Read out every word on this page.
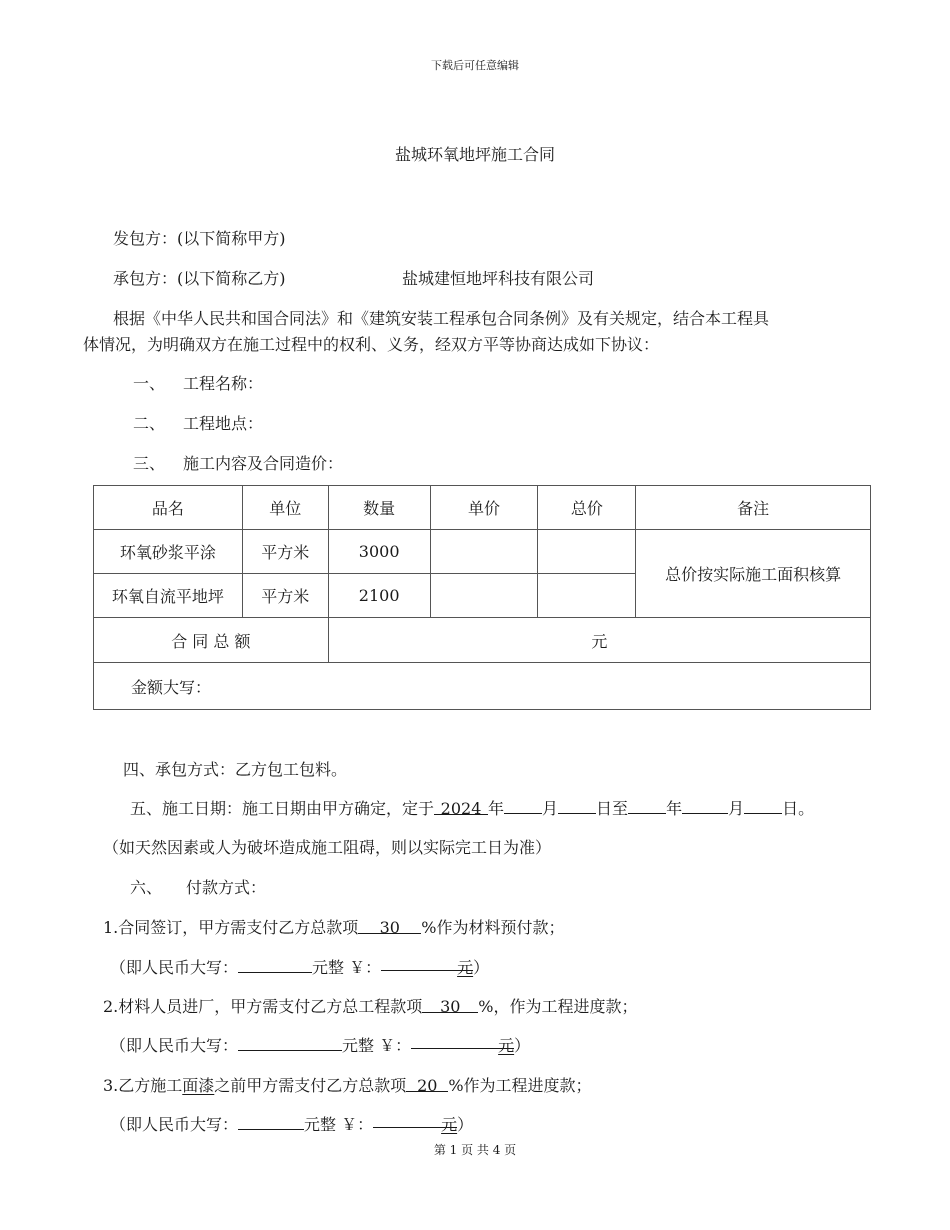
下载后可任意编辑
盐城环氧地坪施工合同
发包方：(以下简称甲方)
承包方：(以下简称乙方)	盐城建恒地坪科技有限公司
根据《中华人民共和国合同法》和《建筑安装工程承包合同条例》及有关规定，结合本工程具
体情况，为明确双方在施工过程中的权利、义务，经双方平等协商达成如下协议：
一、 工程名称：
二、 工程地点：
三、 施工内容及合同造价：
品名	单位	数量	单价	总价	备注
环氧砂浆平涂	平方米	3000			总价按实际施工面积核算
环氧自流平地坪	平方米	2100			
合 同 总 额		元			
金额大写：					
四、承包方式：乙方包工包料。
五、施工日期：施工日期由甲方确定，定于 2024 年 月 日至 年	月 日。
（如天然因素或人为破坏造成施工阻碍，则以实际完工日为准）
六、 付款方式：
1.合同签订，甲方需支付乙方总款项 30 %作为材料预付款；
（即人民币大写：	元整 ￥：	元）
2.材料人员进厂，甲方需支付乙方总工程款项 30 %，作为工程进度款；
（即人民币大写：	元整 ￥：	元）
3.乙方施工面漆之前甲方需支付乙方总款项 20 %作为工程进度款；
（即人民币大写：	元整 ￥：	元）
第 1 页 共 4 页
